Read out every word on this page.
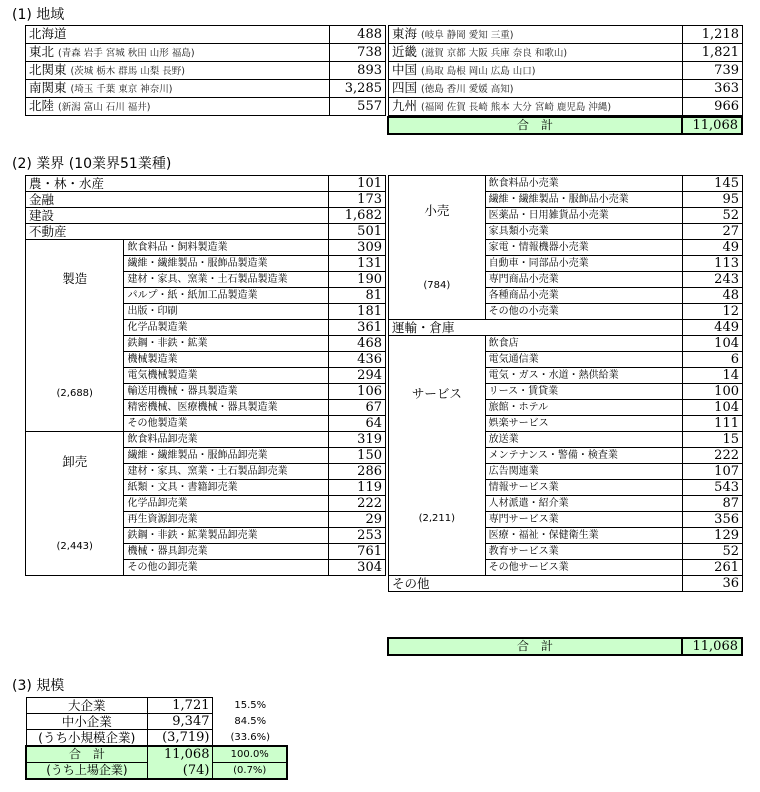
(1) 地域
北海道	488
東北 (青森 岩手 宮城 秋田 山形 福島)	738
北関東 (茨城 栃木 群馬 山梨 長野)	893
南関東 (埼玉 千葉 東京 神奈川)	3,285
北陸 (新潟 富山 石川 福井)	557
東海 (岐阜 静岡 愛知 三重)	1,218
近畿 (滋賀 京都 大阪 兵庫 奈良 和歌山)	1,821
中国 (鳥取 島根 岡山 広島 山口)	739
四国 (徳島 香川 愛媛 高知)	363
九州 (福岡 佐賀 長崎 熊本 大分 宮崎 鹿児島 沖縄)	966
合　計	11,068
(2) 業界 (10業界51業種)
農・林・水産		101
金融		173
建設		1,682
不動産		501

製造
(2,688)	飲食料品・飼料製造業	309
	繊維・繊維製品・服飾品製造業	131
	建材・家具、窯業・土石製品製造業	190
	パルプ・紙・紙加工品製造業	81
	出版・印刷	181
	化学品製造業	361
	鉄鋼・非鉄・鉱業	468
	機械製造業	436
	電気機械製造業	294
	輸送用機械・器具製造業	106
	精密機械、医療機械・器具製造業	67
	その他製造業	64

卸売
(2,443)	飲食料品卸売業	319
	繊維・繊維製品・服飾品卸売業	150
	建材・家具、窯業・土石製品卸売業	286
	紙類・文具・書籍卸売業	119
	化学品卸売業	222
	再生資源卸売業	29
	鉄鋼・非鉄・鉱業製品卸売業	253
	機械・器具卸売業	761
	その他の卸売業	304
小売
(784)	飲食料品小売業	145
	繊維・繊維製品・服飾品小売業	95
	医薬品・日用雑貨品小売業	52
	家具類小売業	27
	家電・情報機器小売業	49
	自動車・同部品小売業	113
	専門商品小売業	243
	各種商品小売業	48
	その他の小売業	12
運輸・倉庫		449

サービス
(2,211)	飲食店	104
	電気通信業	6
	電気・ガス・水道・熱供給業	14
	リース・賃貸業	100
	旅館・ホテル	104
	娯楽サービス	111
	放送業	15
	メンテナンス・警備・検査業	222
	広告関連業	107
	情報サービス業	543
	人材派遣・紹介業	87
	専門サービス業	356
	医療・福祉・保健衛生業	129
	教育サービス業	52
	その他サービス業	261
その他		36
合　計	11,068
(3) 規模
大企業	1,721	15.5%
中小企業	9,347	84.5%
(うち小規模企業)	(3,719)	(33.6%)
合　計	11,068	100.0%
(うち上場企業)	(74)	(0.7%)
